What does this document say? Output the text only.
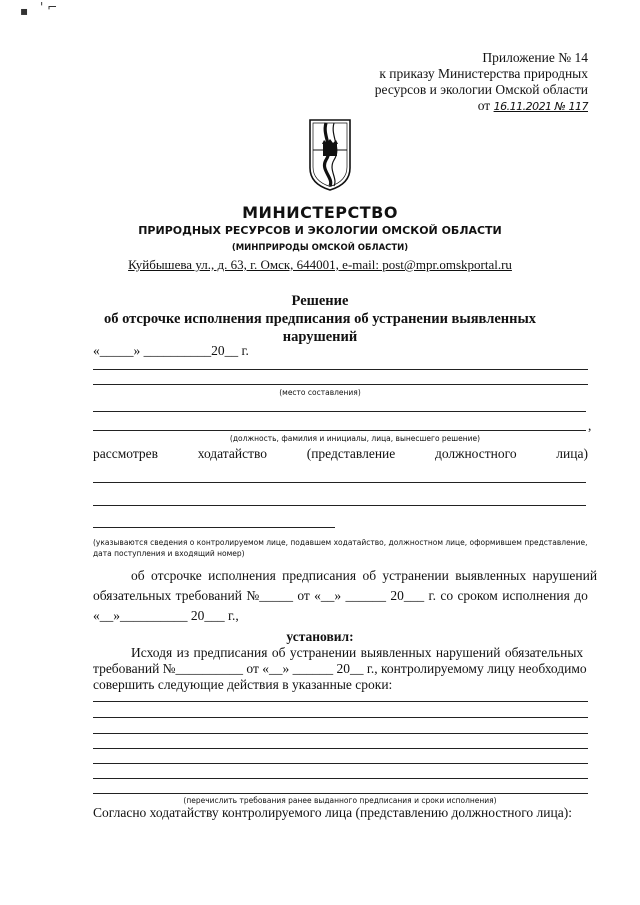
▪ ' ⌐
Приложение № 14
к приказу Министерства природных
ресурсов и экологии Омской области
от 16.11.2021 № 117
МИНИСТЕРСТВО
ПРИРОДНЫХ РЕСУРСОВ И ЭКОЛОГИИ ОМСКОЙ ОБЛАСТИ
(МИНПРИРОДЫ ОМСКОЙ ОБЛАСТИ)
Куйбышева ул., д. 63, г. Омск, 644001, e-mail: post@mpr.omskportal.ru
Решение
об отсрочке исполнения предписания об устранении выявленных
нарушений
«_____» __________20__ г.
(место составления)
,
(должность, фамилия и инициалы, лица, вынесшего решение)
рассмотрев	ходатайство	(представление	должностного	лица)
(указываются сведения о контролируемом лице, подавшем ходатайство, должностном лице, оформившем представление,
дата поступления и входящий номер)
об отсрочке исполнения предписания об устранении выявленных нарушений
обязательных требований №_____ от «__» ______ 20___ г. со сроком исполнения до
«__»__________ 20___ г.,
установил:
Исходя из предписания об устранении выявленных нарушений обязательных
требований №__________ от «__» ______ 20__ г., контролируемому лицу необходимо
совершить следующие действия в указанные сроки:
(перечислить требования ранее выданного предписания и сроки исполнения)
Согласно ходатайству контролируемого лица (представлению должностного лица):
